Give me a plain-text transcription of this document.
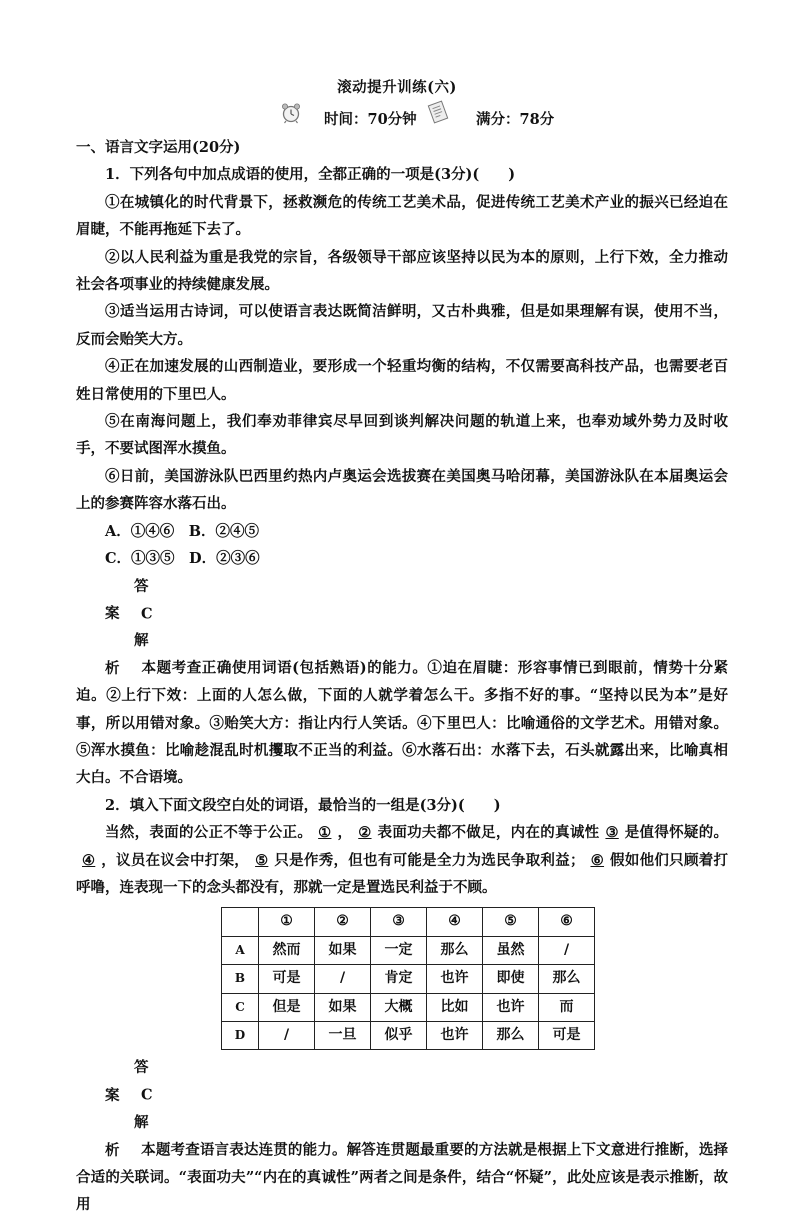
滚动提升训练(六)
时间：70分钟	满分：78分

一、语言文字运用(20分)

1．下列各句中加点成语的使用，全都正确的一项是(3分)(　　)

①在城镇化的时代背景下，拯救濒危的传统工艺美术品，促进传统工艺美术产业的振兴已经迫在眉睫，不能再拖延下去了。

②以人民利益为重是我党的宗旨，各级领导干部应该坚持以民为本的原则，上行下效，全力推动社会各项事业的持续健康发展。

③适当运用古诗词，可以使语言表达既简洁鲜明，又古朴典雅，但是如果理解有误，使用不当，反而会贻笑大方。

④正在加速发展的山西制造业，要形成一个轻重均衡的结构，不仅需要高科技产品，也需要老百姓日常使用的下里巴人。

⑤在南海问题上，我们奉劝菲律宾尽早回到谈判解决问题的轨道上来，也奉劝域外势力及时收手，不要试图浑水摸鱼。

⑥日前，美国游泳队巴西里约热内卢奥运会选拔赛在美国奥马哈闭幕，美国游泳队在本届奥运会上的参赛阵容水落石出。

A．①④⑥　B．②④⑤

C．①③⑤　D．②③⑥

答案 C

解析 本题考查正确使用词语(包括熟语)的能力。①迫在眉睫：形容事情已到眼前，情势十分紧迫。②上行下效：上面的人怎么做，下面的人就学着怎么干。多指不好的事。“坚持以民为本”是好事，所以用错对象。③贻笑大方：指让内行人笑话。④下里巴人：比喻通俗的文学艺术。用错对象。⑤浑水摸鱼：比喻趁混乱时机攫取不正当的利益。⑥水落石出：水落下去，石头就露出来，比喻真相大白。不合语境。

2．填入下面文段空白处的词语，最恰当的一组是(3分)(　　)

当然，表面的公正不等于公正。 ① ， ② 表面功夫都不做足，内在的真诚性 ③ 是值得怀疑的。④ ，议员在议会中打架， ⑤ 只是作秀，但也有可能是全力为选民争取利益； ⑥ 假如他们只顾着打呼噜，连表现一下的念头都没有，那就一定是置选民利益于不顾。

	①	②	③	④	⑤	⑥
A	然而	如果	一定	那么	虽然	/
B	可是	/	肯定	也许	即使	那么
C	但是	如果	大概	比如	也许	而
D	/	一旦	似乎	也许	那么	可是

答案 C

解析 本题考查语言表达连贯的能力。解答连贯题最重要的方法就是根据上下文意进行推断，选择合适的关联词。“表面功夫”“内在的真诚性”两者之间是条件，结合“怀疑”，此处应该是表示推断，故用
